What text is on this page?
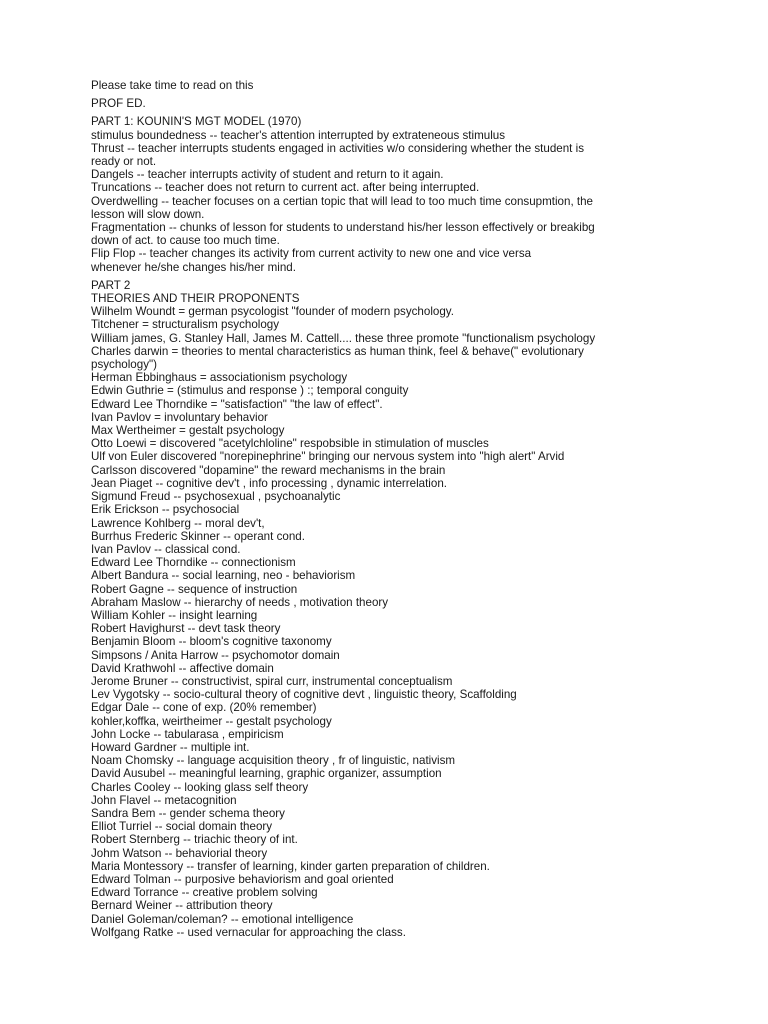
Please take time to read on this
PROF ED.
PART 1: KOUNIN'S MGT MODEL (1970)
stimulus boundedness -- teacher's attention interrupted by extrateneous stimulus
Thrust -- teacher interrupts students engaged in activities w/o considering whether the student is
ready or not.
Dangels -- teacher interrupts activity of student and return to it again.
Truncations -- teacher does not return to current act. after being interrupted.
Overdwelling -- teacher focuses on a certian topic that will lead to too much time consupmtion, the
lesson will slow down.
Fragmentation -- chunks of lesson for students to understand his/her lesson effectively or breakibg
down of act. to cause too much time.
Flip Flop -- teacher changes its activity from current activity to new one and vice versa
whenever he/she changes his/her mind.
PART 2
THEORIES AND THEIR PROPONENTS
Wilhelm Woundt = german psycologist "founder of modern psychology.
Titchener = structuralism psychology
William james, G. Stanley Hall, James M. Cattell.... these three promote "functionalism psychology
Charles darwin = theories to mental characteristics as human think, feel & behave(" evolutionary
psychology")
Herman Ebbinghaus = associationism psychology
Edwin Guthrie = (stimulus and response ) :; temporal conguity
Edward Lee Thorndike = "satisfaction" "the law of effect".
Ivan Pavlov = involuntary behavior
Max Wertheimer = gestalt psychology
Otto Loewi = discovered "acetylchloline" respobsible in stimulation of muscles
Ulf von Euler discovered "norepinephrine" bringing our nervous system into "high alert" Arvid
Carlsson discovered "dopamine" the reward mechanisms in the brain
Jean Piaget -- cognitive dev't , info processing , dynamic interrelation.
Sigmund Freud -- psychosexual , psychoanalytic
Erik Erickson -- psychosocial
Lawrence Kohlberg -- moral dev't,
Burrhus Frederic Skinner -- operant cond.
Ivan Pavlov -- classical cond.
Edward Lee Thorndike -- connectionism
Albert Bandura -- social learning, neo - behaviorism
Robert Gagne -- sequence of instruction
Abraham Maslow -- hierarchy of needs , motivation theory
William Kohler -- insight learning
Robert Havighurst -- devt task theory
Benjamin Bloom -- bloom's cognitive taxonomy
Simpsons / Anita Harrow -- psychomotor domain
David Krathwohl -- affective domain
Jerome Bruner -- constructivist, spiral curr, instrumental conceptualism
Lev Vygotsky -- socio-cultural theory of cognitive devt , linguistic theory, Scaffolding
Edgar Dale -- cone of exp. (20% remember)
kohler,koffka, weirtheimer -- gestalt psychology
John Locke -- tabularasa , empiricism
Howard Gardner -- multiple int.
Noam Chomsky -- language acquisition theory , fr of linguistic, nativism
David Ausubel -- meaningful learning, graphic organizer, assumption
Charles Cooley -- looking glass self theory
John Flavel -- metacognition
Sandra Bem -- gender schema theory
Elliot Turriel -- social domain theory
Robert Sternberg -- triachic theory of int.
Johm Watson -- behaviorial theory
Maria Montessory -- transfer of learning, kinder garten preparation of children.
Edward Tolman -- purposive behaviorism and goal oriented
Edward Torrance -- creative problem solving
Bernard Weiner -- attribution theory
Daniel Goleman/coleman? -- emotional intelligence
Wolfgang Ratke -- used vernacular for approaching the class.
